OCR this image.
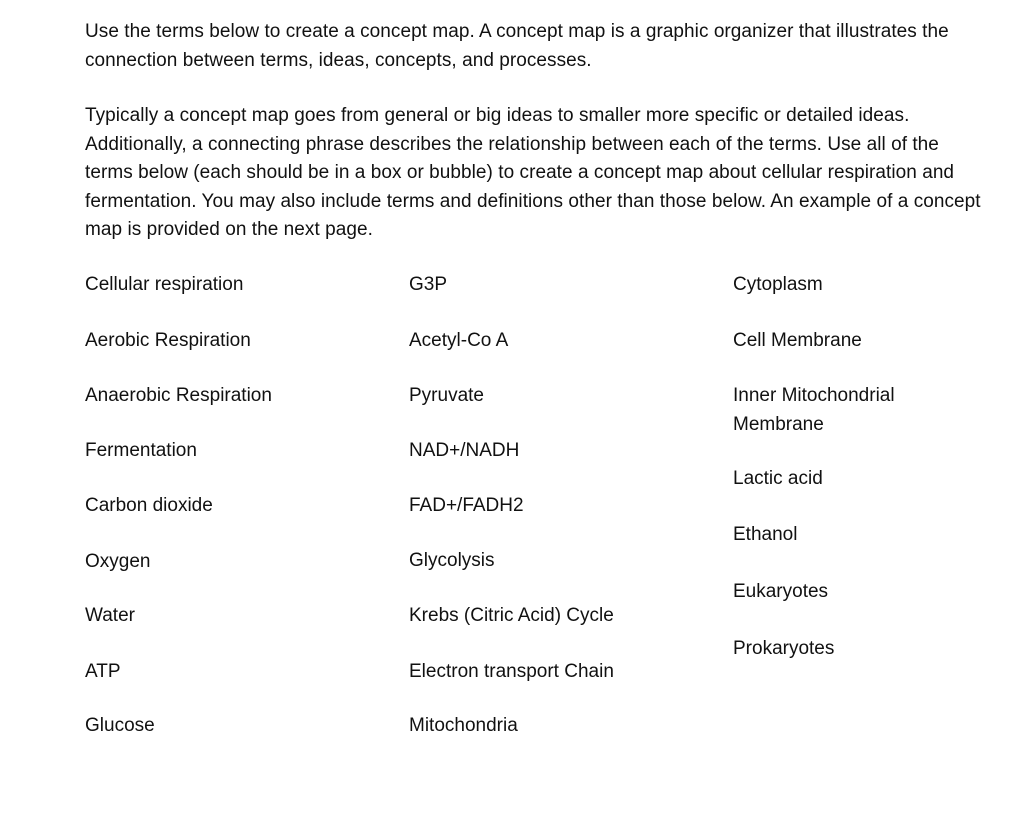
Use the terms below to create a concept map. A concept map is a graphic organizer that illustrates the connection between terms, ideas, concepts, and processes.

Typically a concept map goes from general or big ideas to smaller more specific or detailed ideas. Additionally, a connecting phrase describes the relationship between each of the terms. Use all of the terms below (each should be in a box or bubble) to create a concept map about cellular respiration and fermentation. You may also include terms and definitions other than those below. An example of a concept map is provided on the next page.

Cellular respiration

Aerobic Respiration

Anaerobic Respiration

Fermentation

Carbon dioxide

Oxygen

Water

ATP

Glucose

G3P

Acetyl-Co A

Pyruvate

NAD+/NADH

FAD+/FADH2

Glycolysis

Krebs (Citric Acid) Cycle

Electron transport Chain

Mitochondria

Cytoplasm

Cell Membrane

Inner Mitochondrial Membrane

Lactic acid

Ethanol

Eukaryotes

Prokaryotes
